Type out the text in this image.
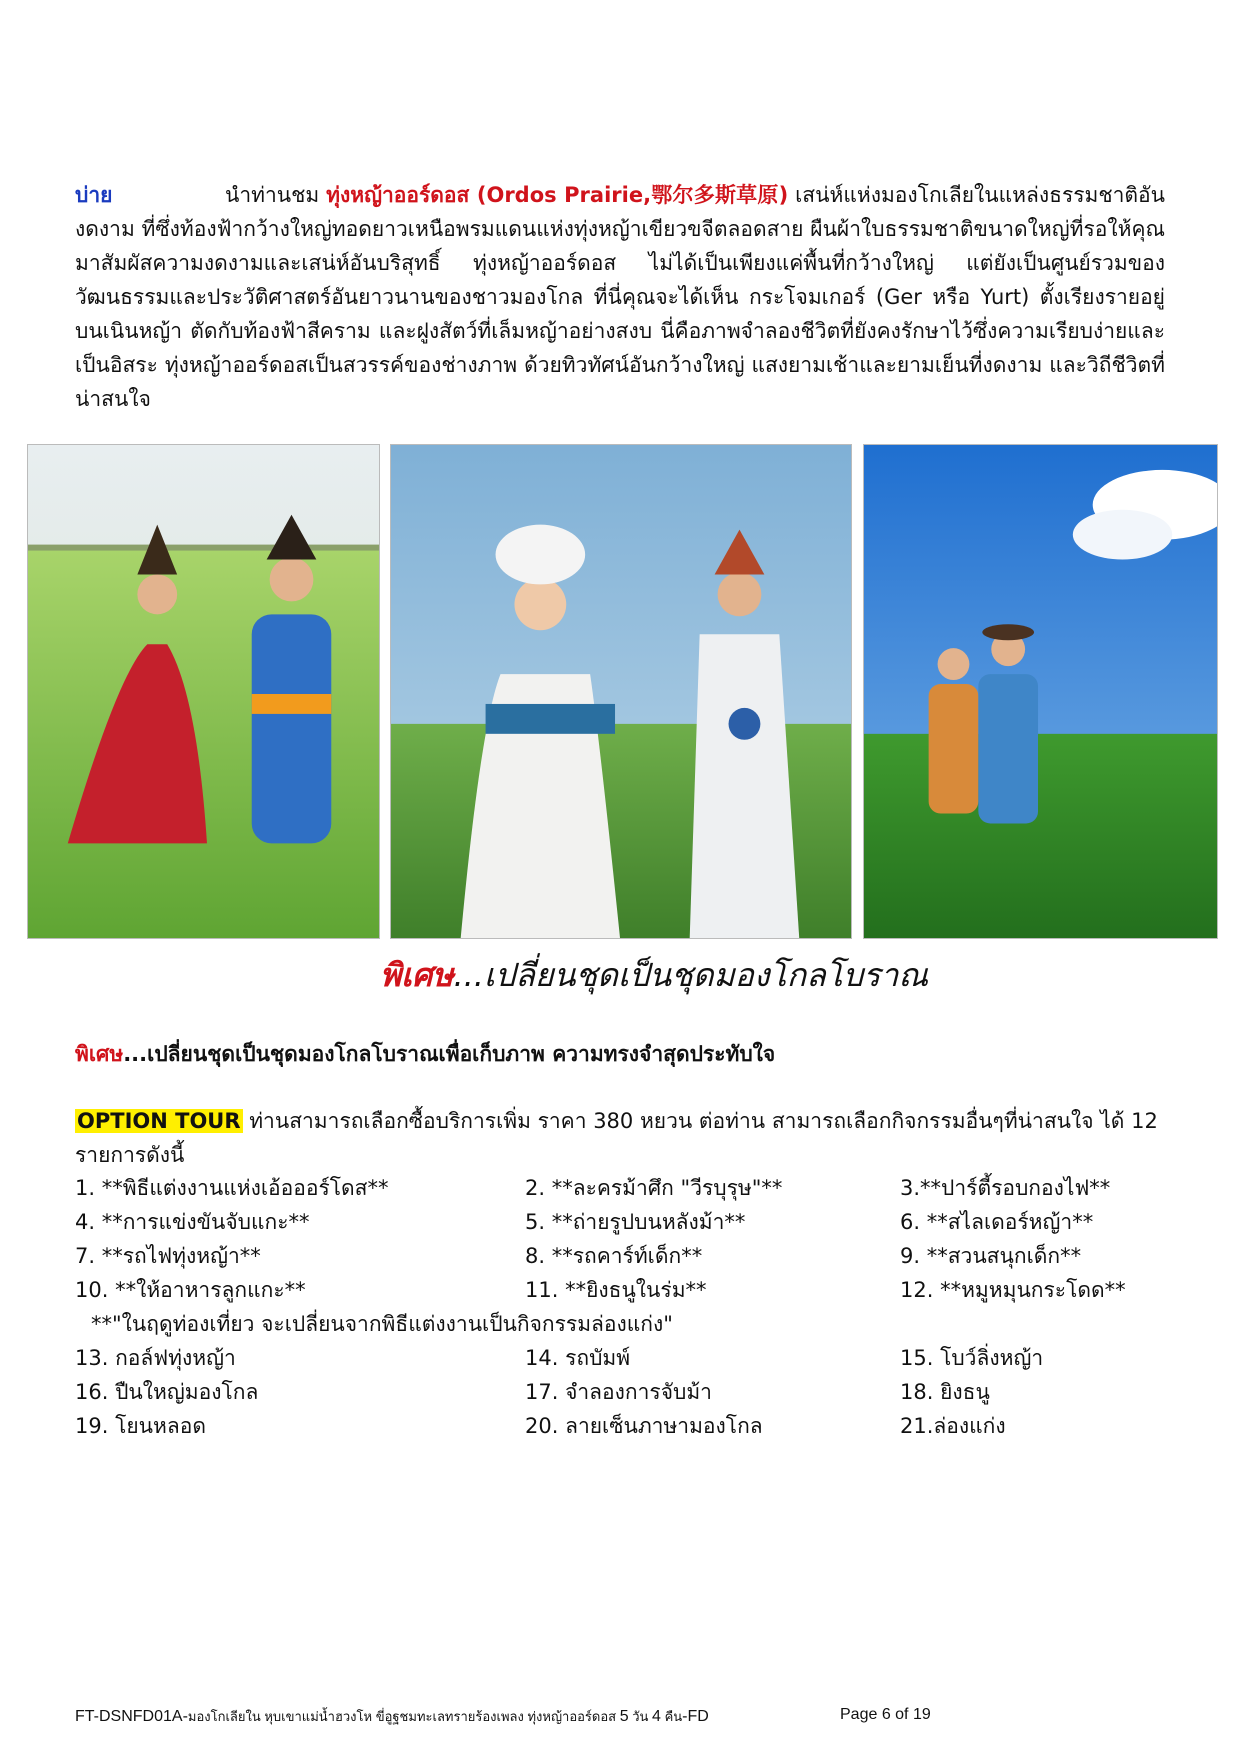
บ่าย	นำท่านชม ทุ่งหญ้าออร์ดอส (Ordos Prairie,鄂尔多斯草原) เสน่ห์แห่งมองโกเลียในแหล่งธรรมชาติอันงดงาม ที่ซึ่งท้องฟ้ากว้างใหญ่ทอดยาวเหนือพรมแดนแห่งทุ่งหญ้าเขียวขจีตลอดสาย ผืนผ้าใบธรรมชาติขนาดใหญ่ที่รอให้คุณมาสัมผัสความงดงามและเสน่ห์อันบริสุทธิ์ ทุ่งหญ้าออร์ดอส ไม่ได้เป็นเพียงแค่พื้นที่กว้างใหญ่ แต่ยังเป็นศูนย์รวมของวัฒนธรรมและประวัติศาสตร์อันยาวนานของชาวมองโกล ที่นี่คุณจะได้เห็น กระโจมเกอร์ (Ger หรือ Yurt) ตั้งเรียงรายอยู่บนเนินหญ้า ตัดกับท้องฟ้าสีคราม และฝูงสัตว์ที่เล็มหญ้าอย่างสงบ นี่คือภาพจำลองชีวิตที่ยังคงรักษาไว้ซึ่งความเรียบง่ายและเป็นอิสระ ทุ่งหญ้าออร์ดอสเป็นสวรรค์ของช่างภาพ ด้วยทิวทัศน์อันกว้างใหญ่ แสงยามเช้าและยามเย็นที่งดงาม และวิถีชีวิตที่น่าสนใจ

พิเศษ...เปลี่ยนชุดเป็นชุดมองโกลโบราณ

พิเศษ...เปลี่ยนชุดเป็นชุดมองโกลโบราณเพื่อเก็บภาพ ความทรงจำสุดประทับใจ

OPTION TOUR ท่านสามารถเลือกซื้อบริการเพิ่ม ราคา 380 หยวน ต่อท่าน สามารถเลือกกิจกรรมอื่นๆที่น่าสนใจ ได้ 12 รายการดังนี้

1. **พิธีแต่งงานแห่งเอ้อออร์โดส**	2. **ละครม้าศึก "วีรบุรุษ"**	3.**ปาร์ตี้รอบกองไฟ**
4. **การแข่งขันจับแกะ**	5. **ถ่ายรูปบนหลังม้า**	6. **สไลเดอร์หญ้า**
7. **รถไฟทุ่งหญ้า**	8. **รถคาร์ท์เด็ก**	9. **สวนสนุกเด็ก**
10. **ให้อาหารลูกแกะ**	11. **ยิงธนูในร่ม**	12. **หมูหมุนกระโดด**
**"ในฤดูท่องเที่ยว จะเปลี่ยนจากพิธีแต่งงานเป็นกิจกรรมล่องแก่ง"
13. กอล์ฟทุ่งหญ้า	14. รถบัมพ์	15. โบว์ลิ่งหญ้า
16. ปืนใหญ่มองโกล	17. จำลองการจับม้า	18. ยิงธนู
19. โยนหลอด	20. ลายเซ็นภาษามองโกล	21.ล่องแก่ง
FT-DSNFD01A-มองโกเลียใน หุบเขาแม่น้ำฮวงโห ขี่อูฐชมทะเลทรายร้องเพลง ทุ่งหญ้าออร์ดอส 5 วัน 4 คืน-FD	Page 6 of 19
